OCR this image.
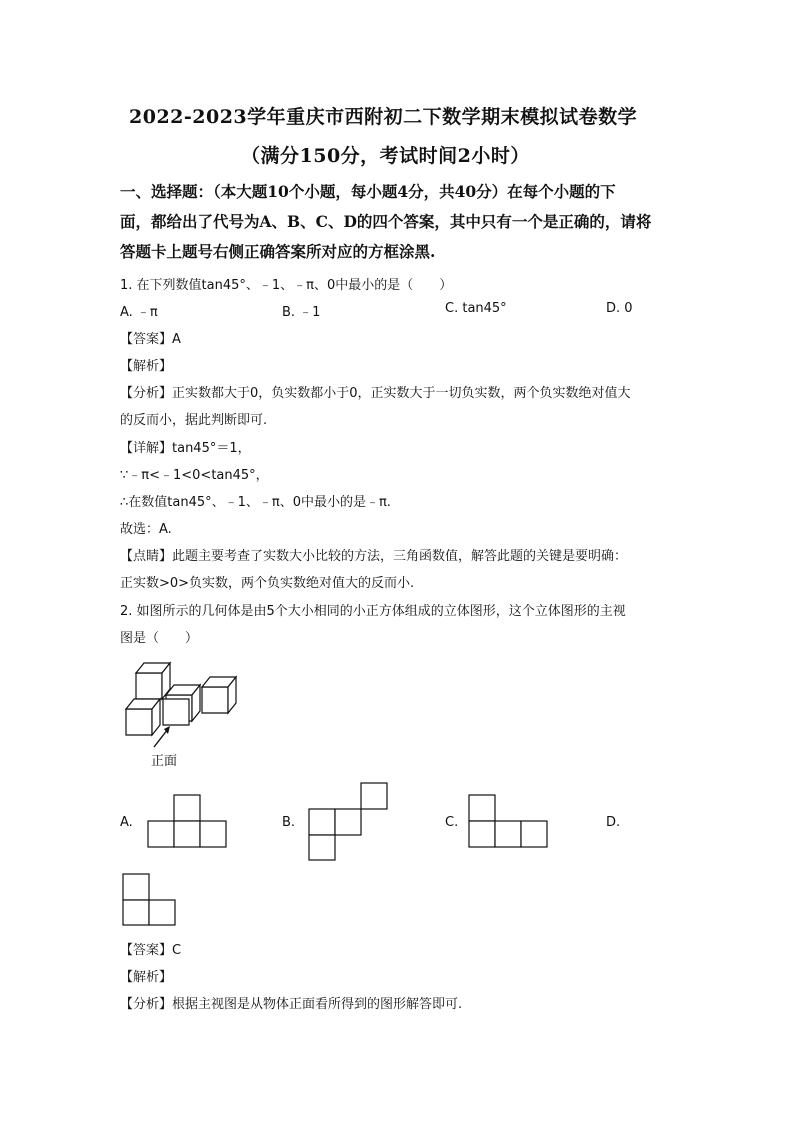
2022-2023学年重庆市西附初二下数学期末模拟试卷数学
（满分150分，考试时间2小时）
一、选择题：（本大题10个小题，每小题4分，共40分）在每个小题的下
面，都给出了代号为A、B、C、D的四个答案，其中只有一个是正确的，请将
答题卡上题号右侧正确答案所对应的方框涂黑.
1. 在下列数值tan45°、﹣1、﹣π、0中最小的是（　　）
A. ﹣π	B. ﹣1	C. tan45°	D. 0
【答案】A
【解析】
【分析】正实数都大于0，负实数都小于0，正实数大于一切负实数，两个负实数绝对值大
的反而小，据此判断即可.
【详解】tan45°＝1，
∵﹣π<﹣1<0<tan45°，
∴在数值tan45°、﹣1、﹣π、0中最小的是﹣π.
故选：A.
【点睛】此题主要考查了实数大小比较的方法，三角函数值，解答此题的关键是要明确：
正实数>0>负实数，两个负实数绝对值大的反而小.
2. 如图所示的几何体是由5个大小相同的小正方体组成的立体图形，这个立体图形的主视
图是（　　）
正面
A.	B.	C.	D.
【答案】C
【解析】
【分析】根据主视图是从物体正面看所得到的图形解答即可.
